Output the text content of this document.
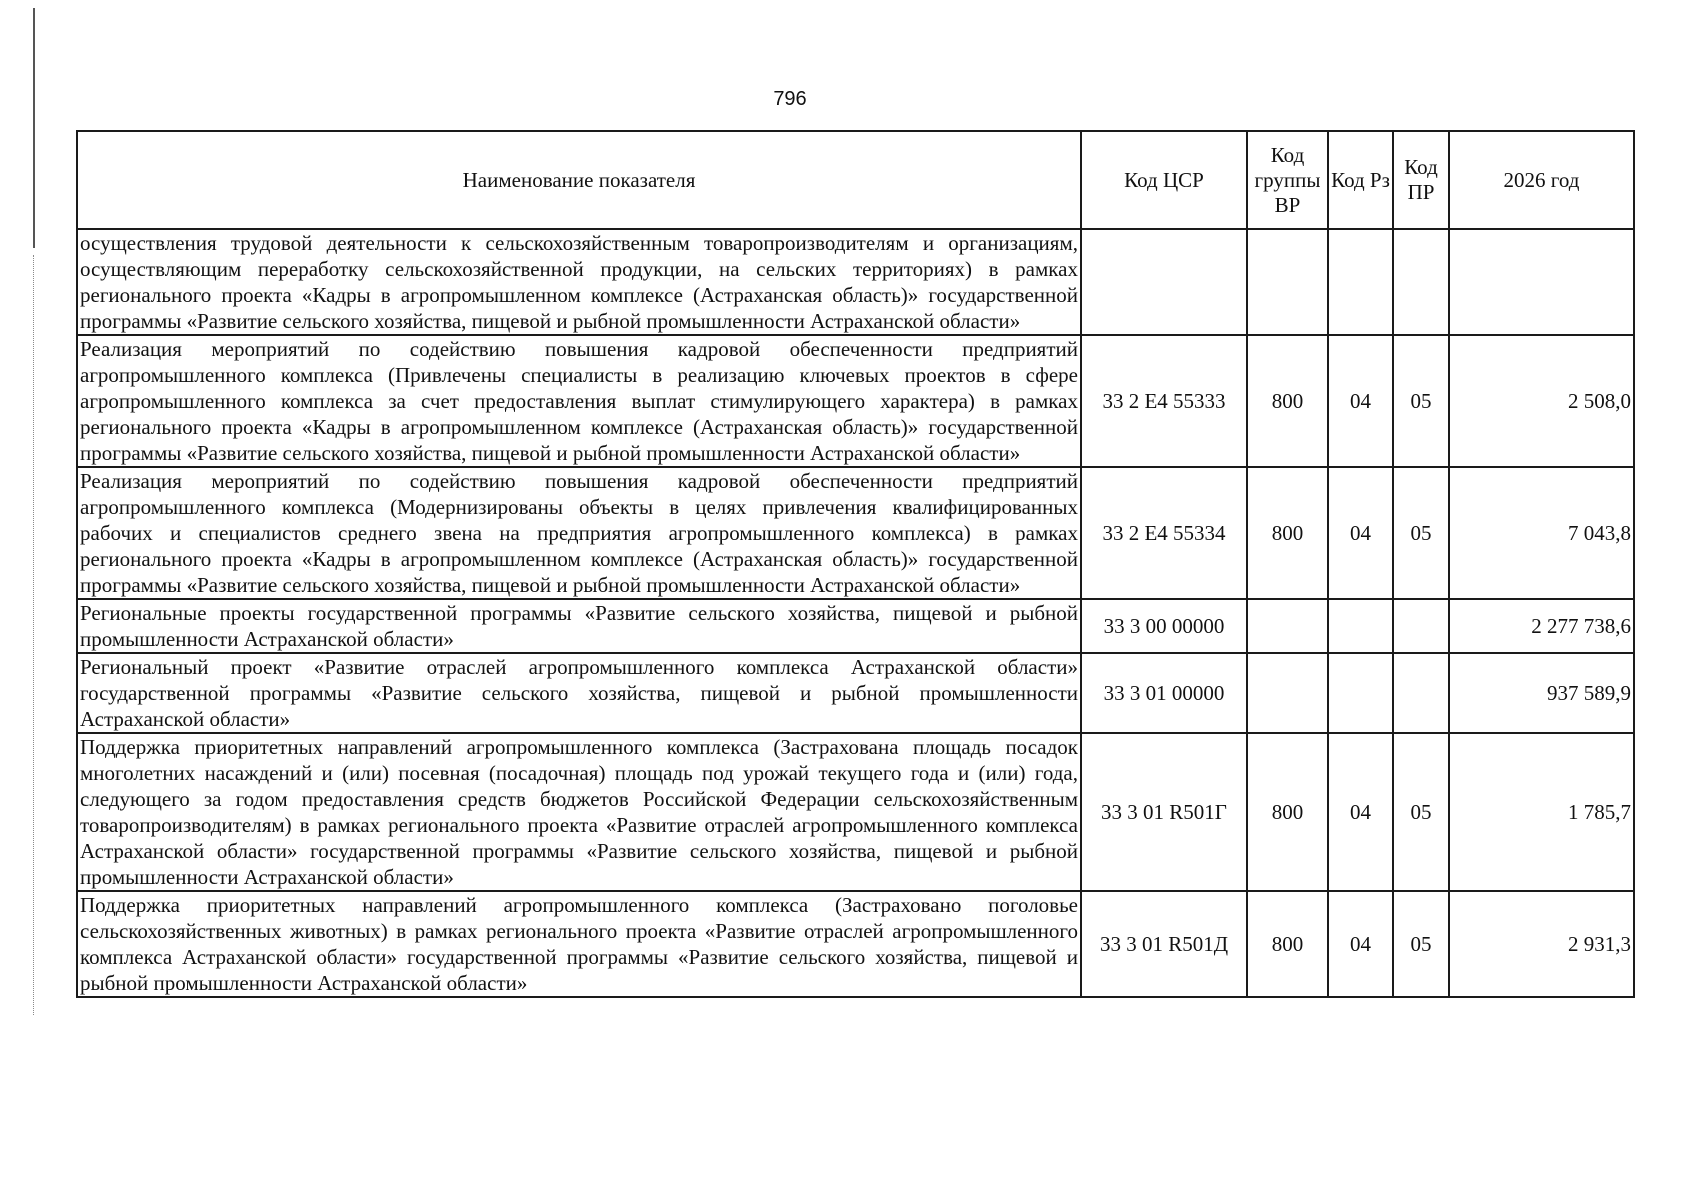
796
Наименование показателя	Код ЦСР	Код группы ВР	Код Рз	Код ПР	2026 год
осуществления трудовой деятельности к сельскохозяйственным товаропроизводителям и организациям, осуществляющим переработку сельскохозяйственной продукции, на сельских территориях) в рамках регионального проекта «Кадры в агропромышленном комплексе (Астраханская область)» государственной программы «Развитие сельского хозяйства, пищевой и рыбной промышленности Астраханской области»					
Реализация мероприятий по содействию повышения кадровой обеспеченности предприятий агропромышленного комплекса (Привлечены специалисты в реализацию ключевых проектов в сфере агропромышленного комплекса за счет предоставления выплат стимулирующего характера) в рамках регионального проекта «Кадры в агропромышленном комплексе (Астраханская область)» государственной программы «Развитие сельского хозяйства, пищевой и рыбной промышленности Астраханской области»	33 2 Е4 55333	800	04	05	2 508,0
Реализация мероприятий по содействию повышения кадровой обеспеченности предприятий агропромышленного комплекса (Модернизированы объекты в целях привлечения квалифицированных рабочих и специалистов среднего звена на предприятия агропромышленного комплекса) в рамках регионального проекта «Кадры в агропромышленном комплексе (Астраханская область)» государственной программы «Развитие сельского хозяйства, пищевой и рыбной промышленности Астраханской области»	33 2 Е4 55334	800	04	05	7 043,8
Региональные проекты государственной программы «Развитие сельского хозяйства, пищевой и рыбной промышленности Астраханской области»	33 3 00 00000				2 277 738,6
Региональный проект «Развитие отраслей агропромышленного комплекса Астраханской области» государственной программы «Развитие сельского хозяйства, пищевой и рыбной промышленности Астраханской области»	33 3 01 00000				937 589,9
Поддержка приоритетных направлений агропромышленного комплекса (Застрахована площадь посадок многолетних насаждений и (или) посевная (посадочная) площадь под урожай текущего года и (или) года, следующего за годом предоставления средств бюджетов Российской Федерации сельскохозяйственным товаропроизводителям) в рамках регионального проекта «Развитие отраслей агропромышленного комплекса Астраханской области» государственной программы «Развитие сельского хозяйства, пищевой и рыбной промышленности Астраханской области»	33 3 01 R501Г	800	04	05	1 785,7
Поддержка приоритетных направлений агропромышленного комплекса (Застраховано поголовье сельскохозяйственных животных) в рамках регионального проекта «Развитие отраслей агропромышленного комплекса Астраханской области» государственной программы «Развитие сельского хозяйства, пищевой и рыбной промышленности Астраханской области»	33 3 01 R501Д	800	04	05	2 931,3
